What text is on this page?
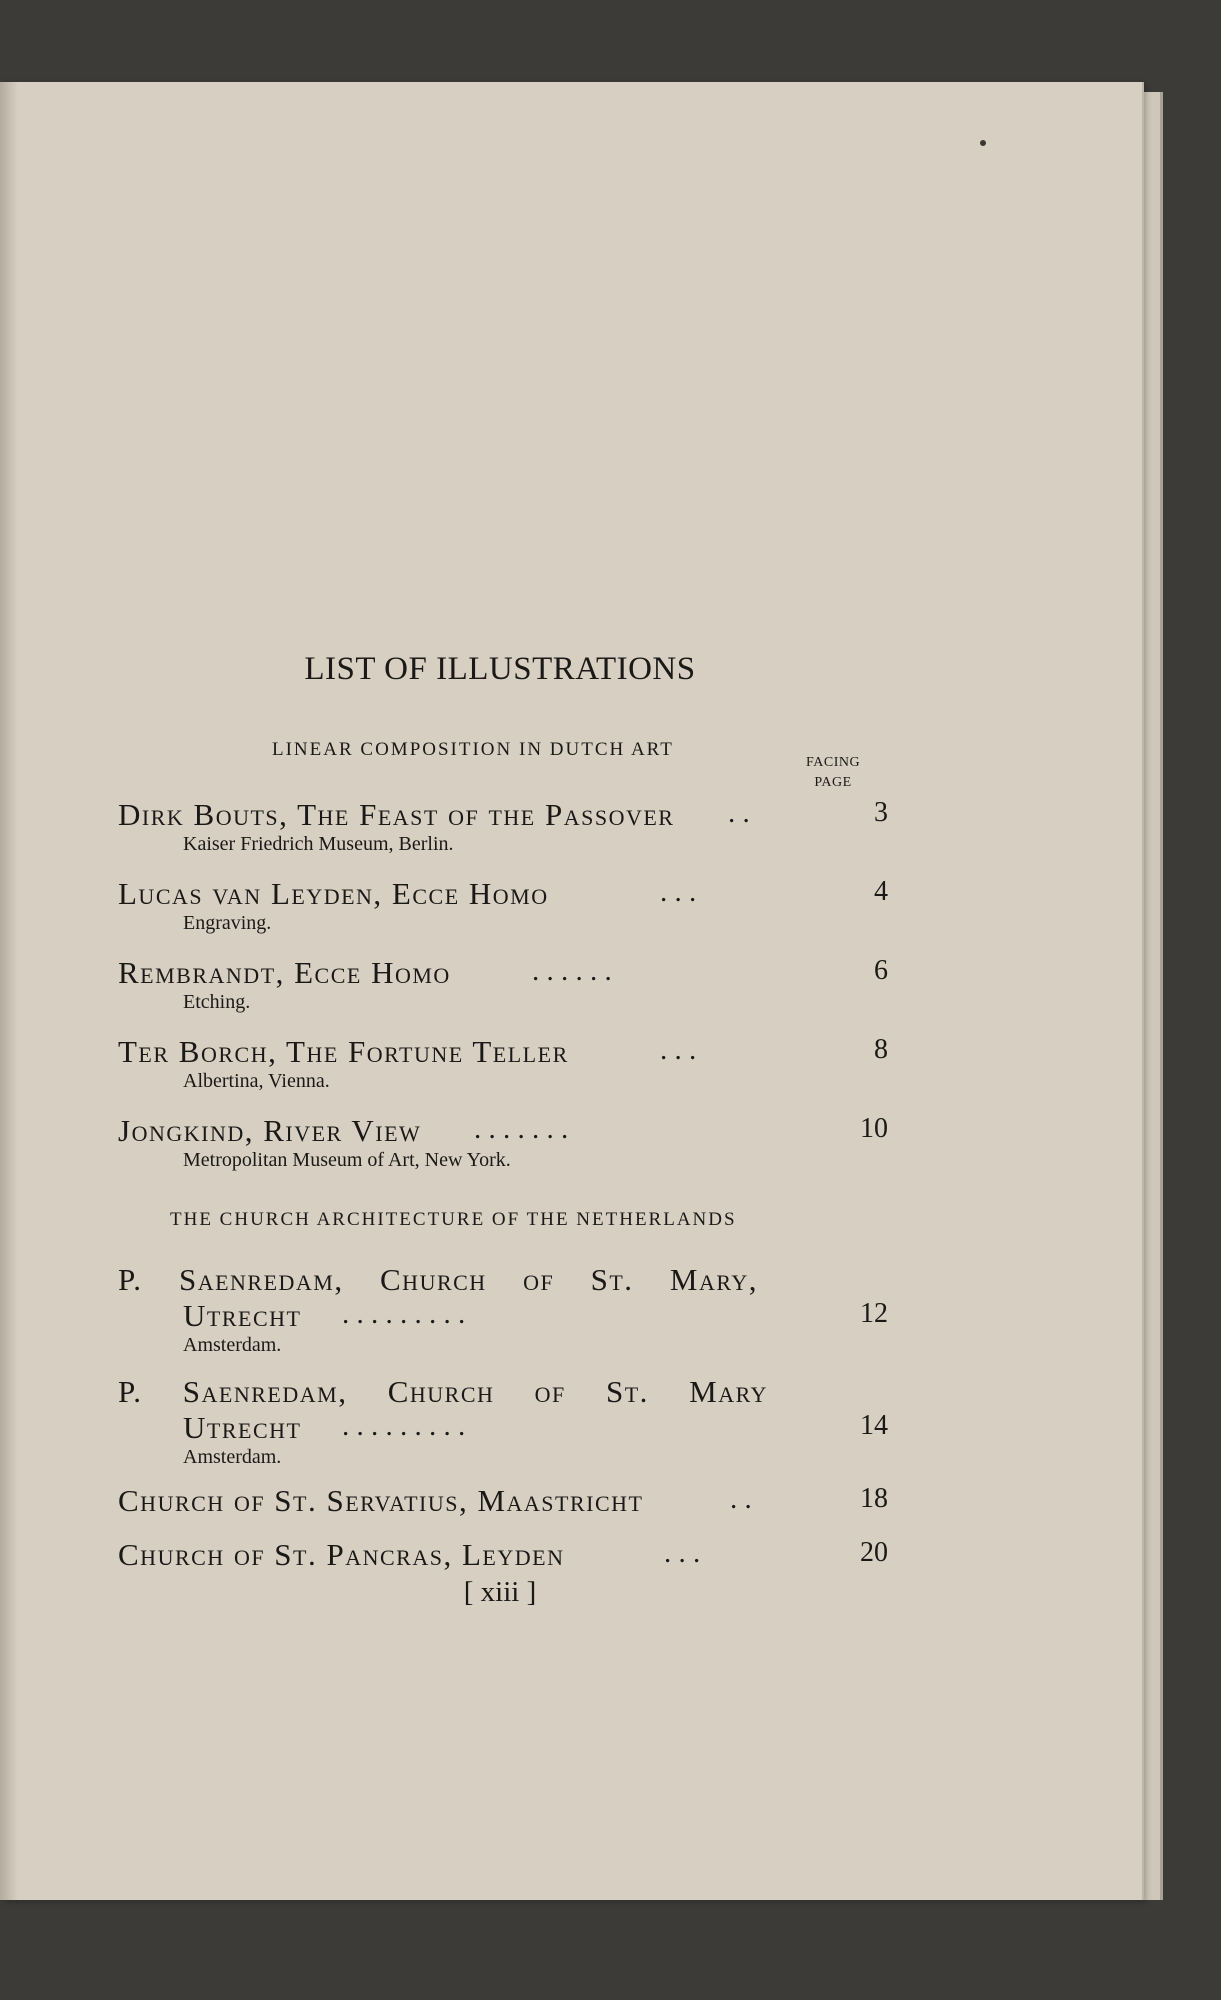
LIST OF ILLUSTRATIONS
LINEAR COMPOSITION IN DUTCH ART
FACING
PAGE
Dirk Bouts, The Feast of the Passover . .	3
Kaiser Friedrich Museum, Berlin.
Lucas van Leyden, Ecce Homo	. . .	4
Engraving.
Rembrandt, Ecce Homo	. . . . . .	6
Etching.
Ter Borch, The Fortune Teller	. . .	8
Albertina, Vienna.
Jongkind, River View . . . . . . .	10
Metropolitan Museum of Art, New York.
THE CHURCH ARCHITECTURE OF THE NETHERLANDS
P. Saenredam, Church of St. Mary,
Utrecht . . . . . . . . .	12
Amsterdam.
P. Saenredam, Church of St. Mary
Utrecht . . . . . . . . .	14
Amsterdam.
Church of St. Servatius, Maastricht	. .	18
Church of St. Pancras, Leyden	. . .	20
[ xiii ]
